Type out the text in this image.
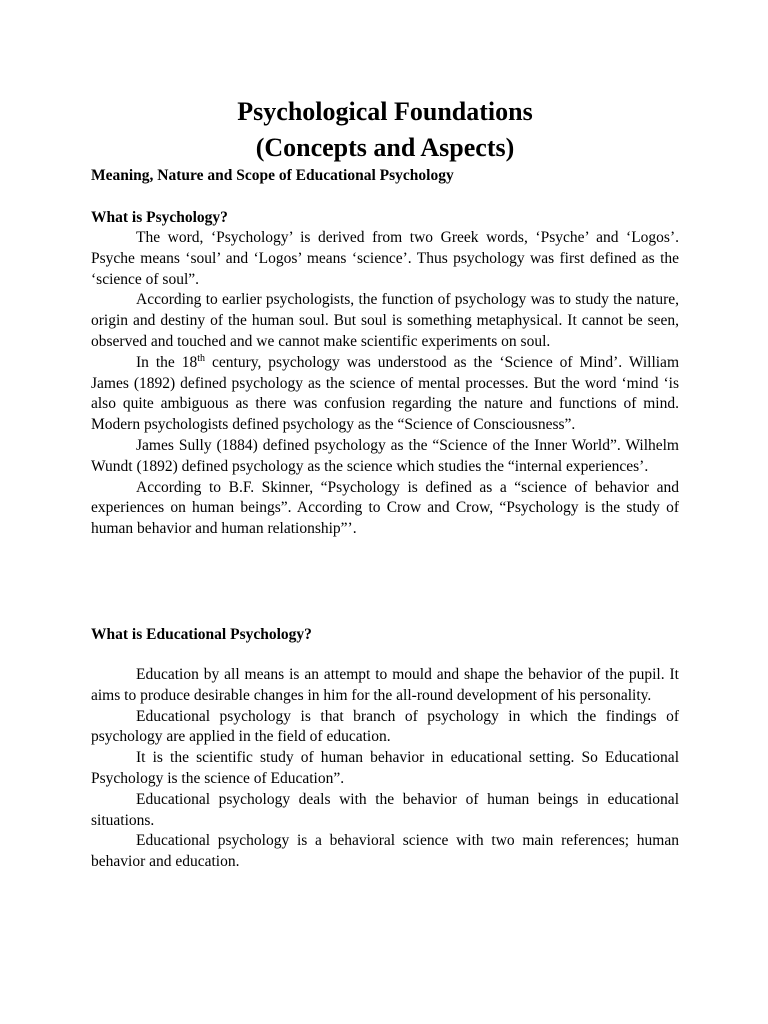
Psychological Foundations
(Concepts and Aspects)
Meaning, Nature and Scope of Educational Psychology
What is Psychology?

The word, ‘Psychology’ is derived from two Greek words, ‘Psyche’ and ‘Logos’. Psyche means ‘soul’ and ‘Logos’ means ‘science’. Thus psychology was first defined as the ‘science of soul”.

According to earlier psychologists, the function of psychology was to study the nature, origin and destiny of the human soul. But soul is something metaphysical. It cannot be seen, observed and touched and we cannot make scientific experiments on soul.

In the 18th century, psychology was understood as the ‘Science of Mind’. William James (1892) defined psychology as the science of mental processes. But the word ‘mind ‘is also quite ambiguous as there was confusion regarding the nature and functions of mind. Modern psychologists defined psychology as the “Science of Consciousness”.

James Sully (1884) defined psychology as the “Science of the Inner World”. Wilhelm Wundt (1892) defined psychology as the science which studies the “internal experiences’.

According to B.F. Skinner, “Psychology is defined as a “science of behavior and experiences on human beings”. According to Crow and Crow, “Psychology is the study of human behavior and human relationship”’.

What is Educational Psychology?

Education by all means is an attempt to mould and shape the behavior of the pupil. It aims to produce desirable changes in him for the all-round development of his personality.

Educational psychology is that branch of psychology in which the findings of psychology are applied in the field of education.

It is the scientific study of human behavior in educational setting. So Educational Psychology is the science of Education”.

Educational psychology deals with the behavior of human beings in educational situations.

Educational psychology is a behavioral science with two main references; human behavior and education.
